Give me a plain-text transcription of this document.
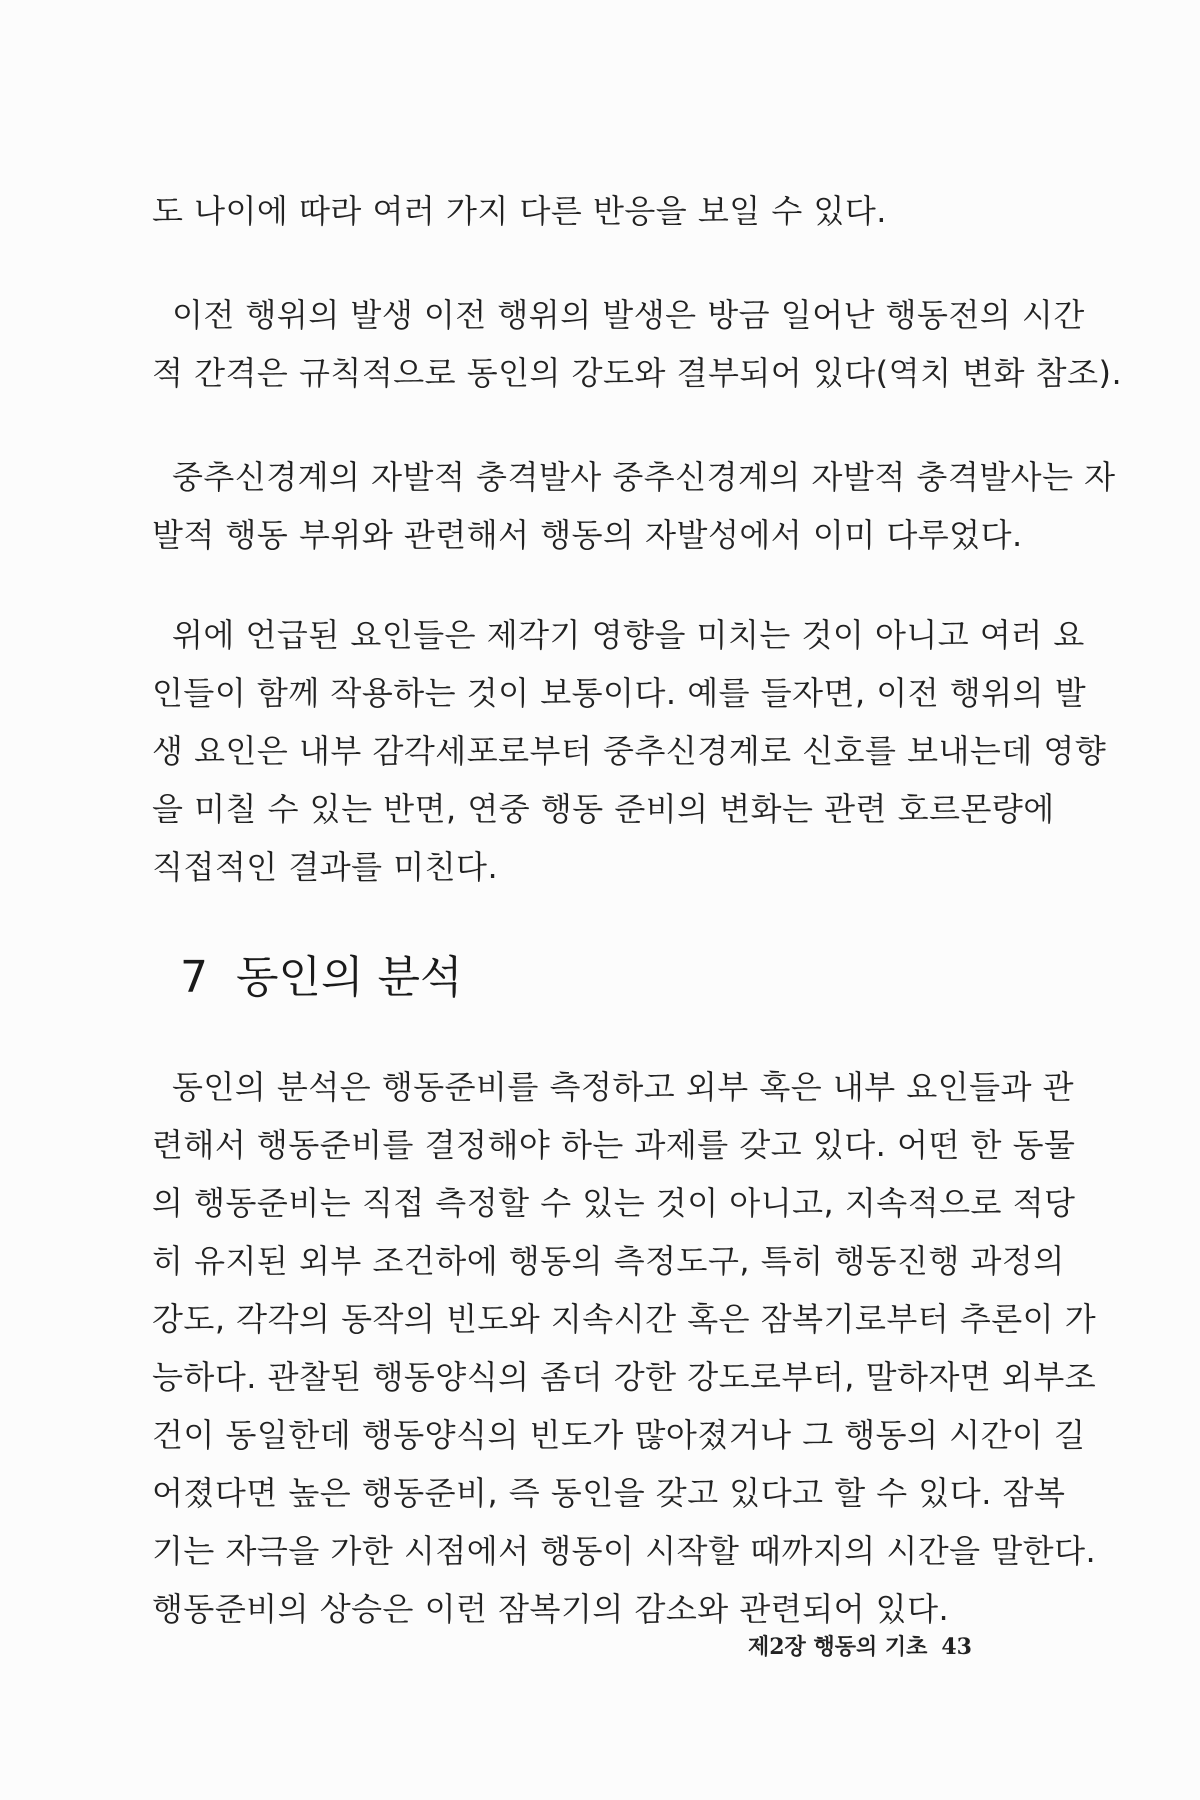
도 나이에 따라 여러 가지 다른 반응을 보일 수 있다.
이전 행위의 발생 이전 행위의 발생은 방금 일어난 행동전의 시간
적 간격은 규칙적으로 동인의 강도와 결부되어 있다(역치 변화 참조).
중추신경계의 자발적 충격발사 중추신경계의 자발적 충격발사는 자
발적 행동 부위와 관련해서 행동의 자발성에서 이미 다루었다.
위에 언급된 요인들은 제각기 영향을 미치는 것이 아니고 여러 요
인들이 함께 작용하는 것이 보통이다. 예를 들자면, 이전 행위의 발
생 요인은 내부 감각세포로부터 중추신경계로 신호를 보내는데 영향
을 미칠 수 있는 반면, 연중 행동 준비의 변화는 관련 호르몬량에
직접적인 결과를 미친다.
7 동인의 분석
동인의 분석은 행동준비를 측정하고 외부 혹은 내부 요인들과 관
련해서 행동준비를 결정해야 하는 과제를 갖고 있다. 어떤 한 동물
의 행동준비는 직접 측정할 수 있는 것이 아니고, 지속적으로 적당
히 유지된 외부 조건하에 행동의 측정도구, 특히 행동진행 과정의
강도, 각각의 동작의 빈도와 지속시간 혹은 잠복기로부터 추론이 가
능하다. 관찰된 행동양식의 좀더 강한 강도로부터, 말하자면 외부조
건이 동일한데 행동양식의 빈도가 많아졌거나 그 행동의 시간이 길
어졌다면 높은 행동준비, 즉 동인을 갖고 있다고 할 수 있다. 잠복
기는 자극을 가한 시점에서 행동이 시작할 때까지의 시간을 말한다.
행동준비의 상승은 이런 잠복기의 감소와 관련되어 있다.
제2장 행동의 기초 43
